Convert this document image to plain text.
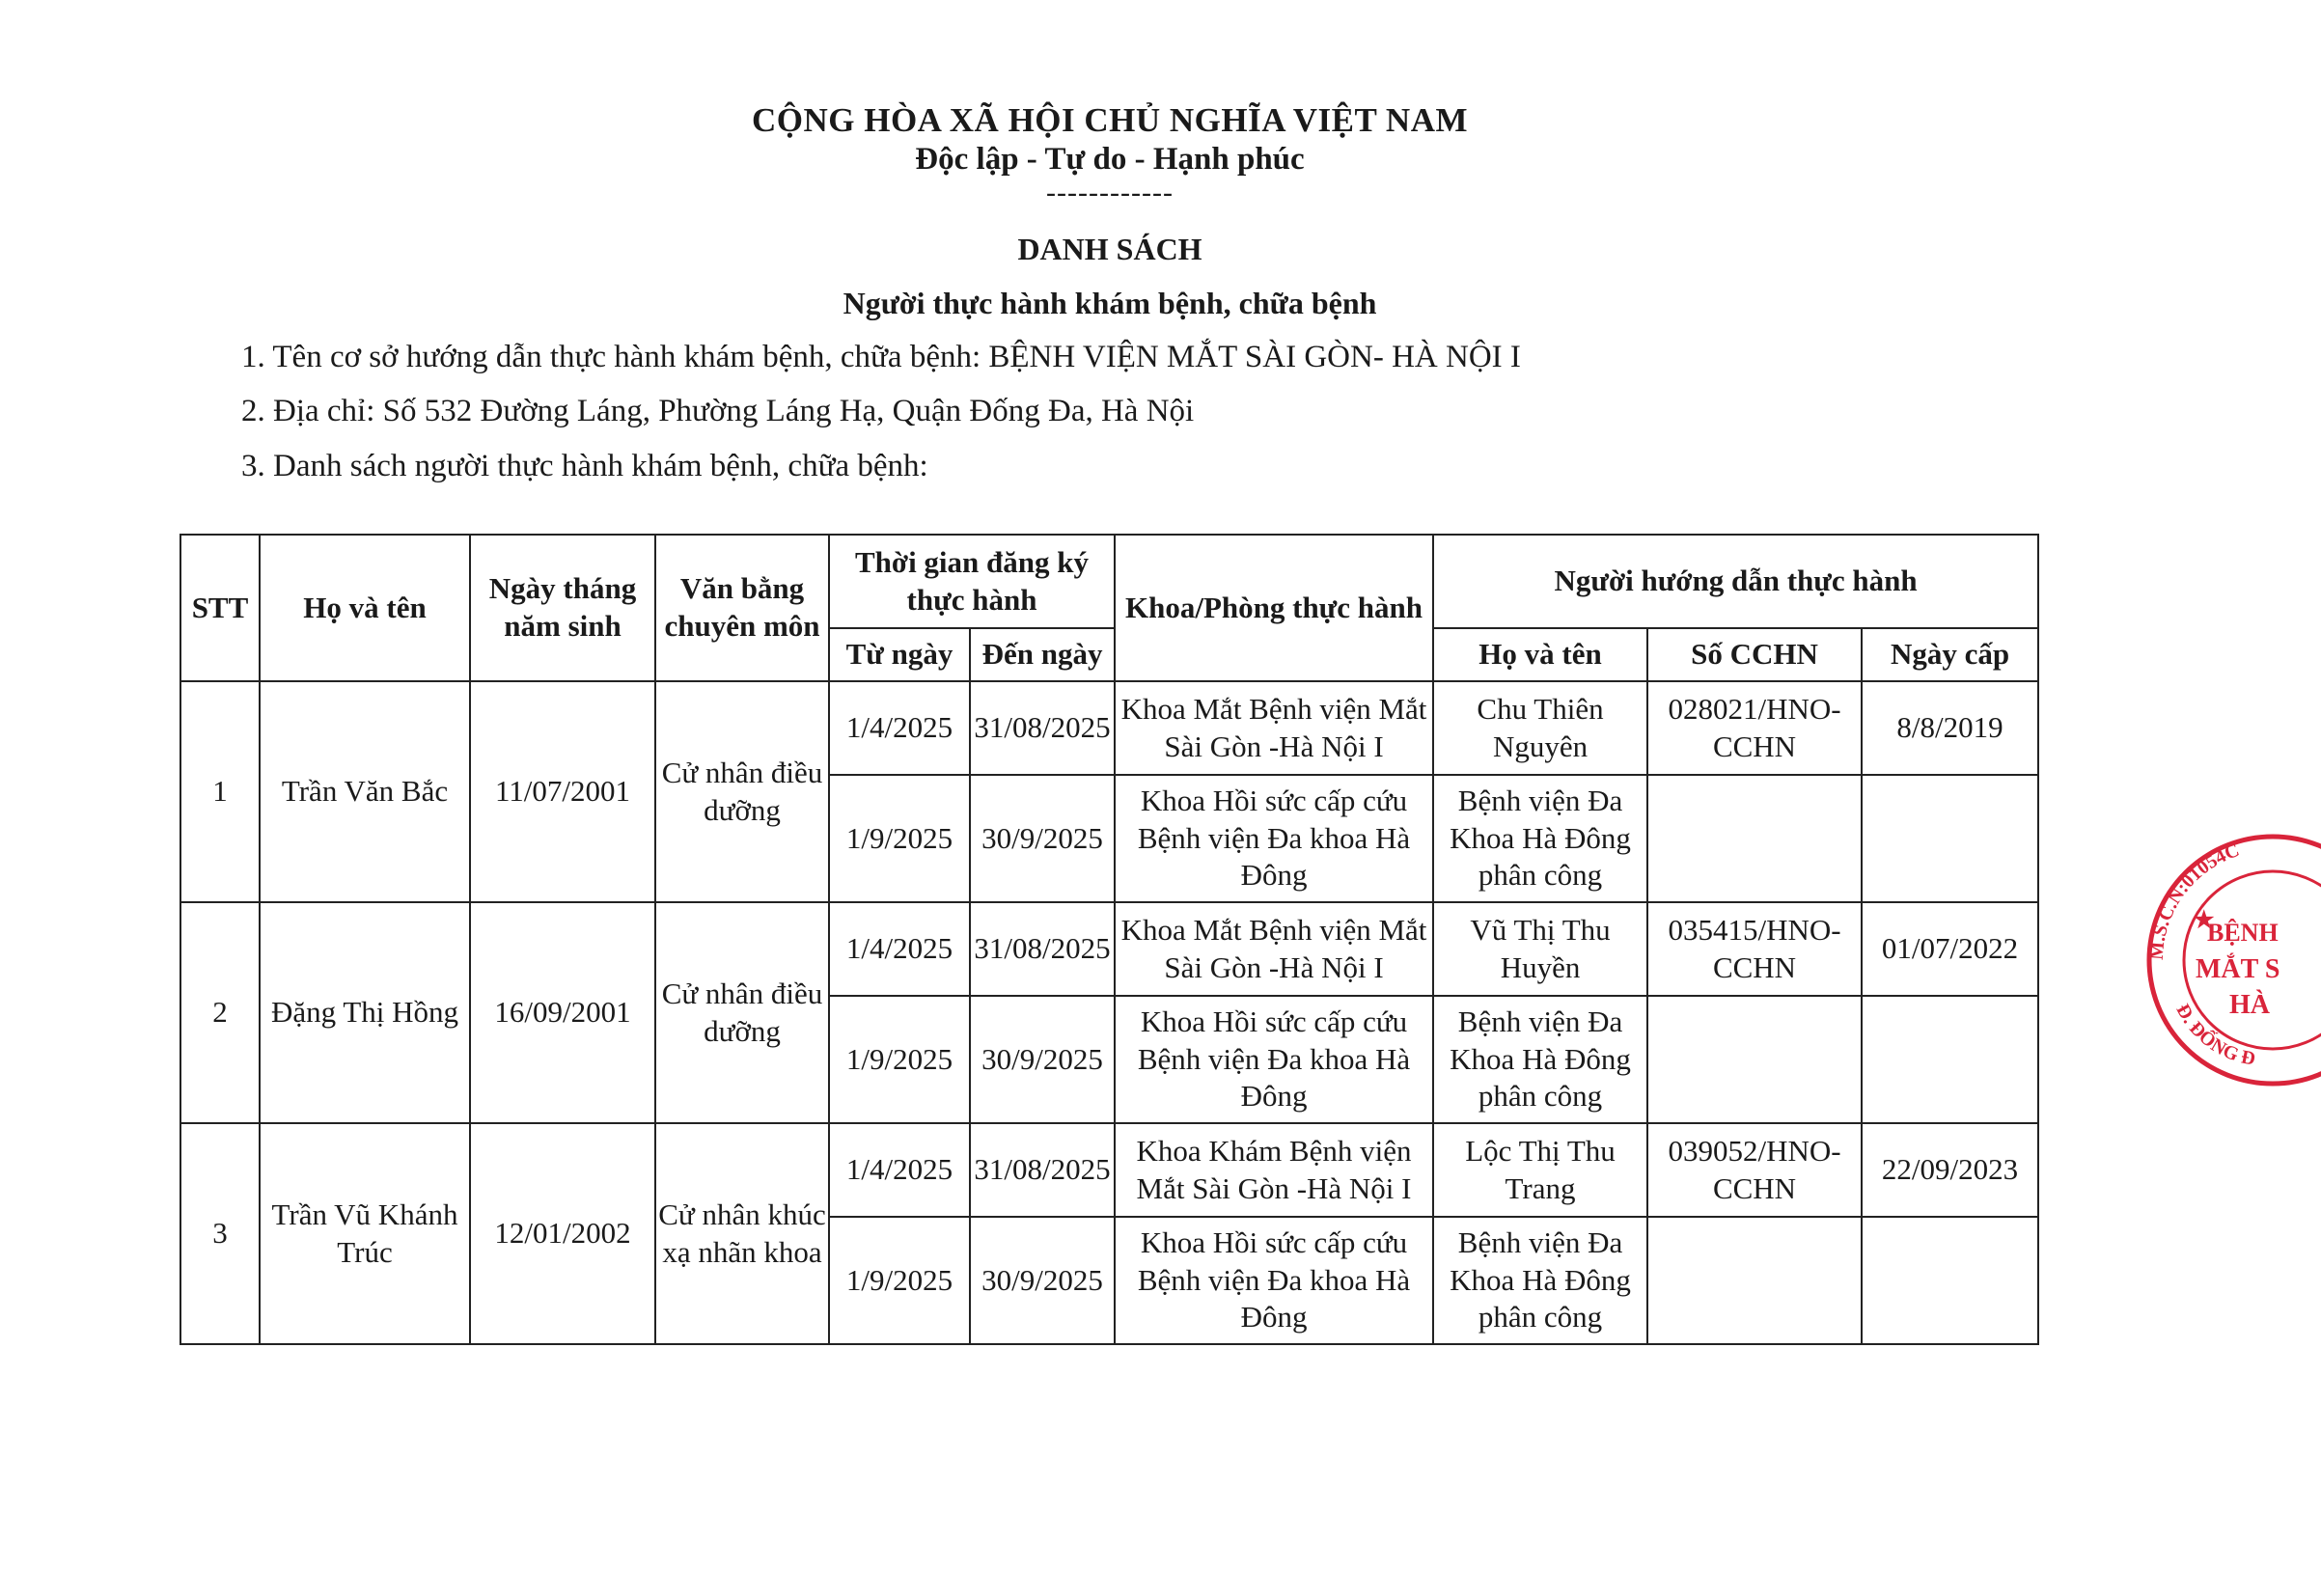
CỘNG HÒA XÃ HỘI CHỦ NGHĨA VIỆT NAM
Độc lập - Tự do - Hạnh phúc
------------
DANH SÁCH
Người thực hành khám bệnh, chữa bệnh
1. Tên cơ sở hướng dẫn thực hành khám bệnh, chữa bệnh: BỆNH VIỆN MẮT SÀI GÒN- HÀ NỘI I
2. Địa chỉ: Số 532 Đường Láng, Phường Láng Hạ, Quận Đống Đa, Hà Nội
3. Danh sách người thực hành khám bệnh, chữa bệnh:
STT	Họ và tên	Ngày tháng năm sinh	Văn bằng chuyên môn	Thời gian đăng ký thực hành		Khoa/Phòng thực hành	Người hướng dẫn thực hành		
				Từ ngày	Đến ngày		Họ và tên	Số CCHN	Ngày cấp
1	Trần Văn Bắc	11/07/2001	Cử nhân điều dưỡng	1/4/2025	31/08/2025	Khoa Mắt Bệnh viện Mắt Sài Gòn -Hà Nội I	Chu Thiên Nguyên	028021/HNO-CCHN	8/8/2019
				1/9/2025	30/9/2025	Khoa Hồi sức cấp cứu Bệnh viện Đa khoa Hà Đông	Bệnh viện Đa Khoa Hà Đông phân công		
2	Đặng Thị Hồng	16/09/2001	Cử nhân điều dưỡng	1/4/2025	31/08/2025	Khoa Mắt Bệnh viện Mắt Sài Gòn -Hà Nội I	Vũ Thị Thu Huyền	035415/HNO-CCHN	01/07/2022
				1/9/2025	30/9/2025	Khoa Hồi sức cấp cứu Bệnh viện Đa khoa Hà Đông	Bệnh viện Đa Khoa Hà Đông phân công		
3	Trần Vũ Khánh Trúc	12/01/2002	Cử nhân khúc xạ nhãn khoa	1/4/2025	31/08/2025	Khoa Khám Bệnh viện Mắt Sài Gòn -Hà Nội I	Lộc Thị Thu Trang	039052/HNO-CCHN	22/09/2023
				1/9/2025	30/9/2025	Khoa Hồi sức cấp cứu Bệnh viện Đa khoa Hà Đông	Bệnh viện Đa Khoa Hà Đông phân công		
M.S.C.N:01054C
Đ. ĐỐNG Đ
★
BỆNH
MẮT S
HÀ
